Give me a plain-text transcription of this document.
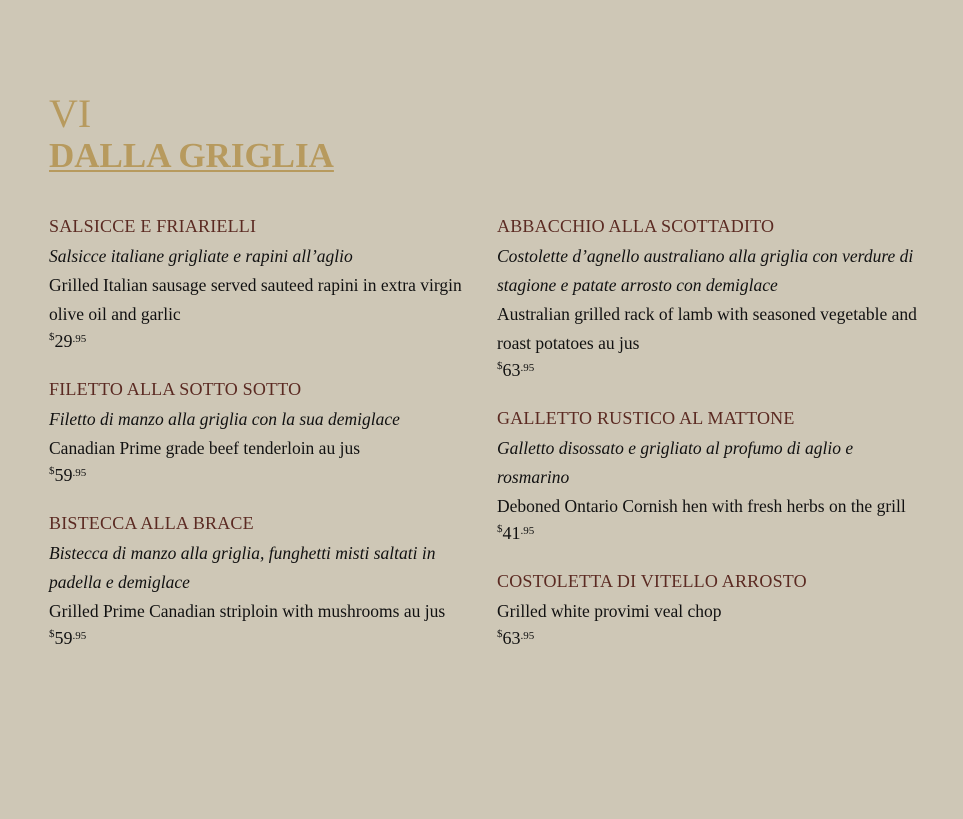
VI
DALLA GRIGLIA
SALSICCE E FRIARIELLI
Salsicce italiane grigliate e rapini all’aglio
Grilled Italian sausage served sauteed rapini in extra virgin olive oil and garlic
$^{\$}29^{.95}$
FILETTO ALLA SOTTO SOTTO
Filetto di manzo alla griglia con la sua demiglace
Canadian Prime grade beef tenderloin au jus
$^{\$}59^{.95}$
BISTECCA ALLA BRACE
Bistecca di manzo alla griglia, funghetti misti saltati in padella e demiglace
Grilled Prime Canadian striploin with mushrooms au jus
$^{\$}59^{.95}$
ABBACCHIO ALLA SCOTTADITO
Costolette d’agnello australiano alla griglia con verdure di stagione e patate arrosto con demiglace
Australian grilled rack of lamb with seasoned vegetable and roast potatoes au jus
$^{\$}63^{.95}$
GALLETTO RUSTICO AL MATTONE
Galletto disossato e grigliato al profumo di aglio e rosmarino
Deboned Ontario Cornish hen with fresh herbs on the grill
$^{\$}41^{.95}$
COSTOLETTA DI VITELLO ARROSTO
Grilled white provimi veal chop
$^{\$}63^{.95}$
